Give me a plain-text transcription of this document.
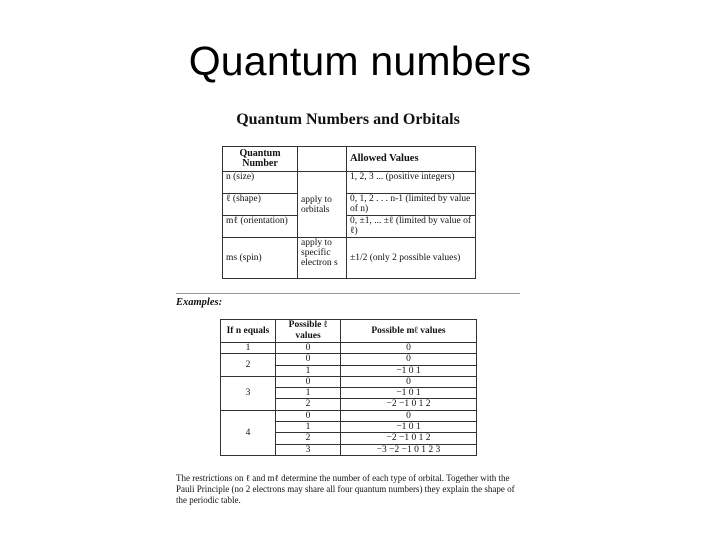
Quantum numbers
Quantum Numbers and Orbitals
Quantum Number		Allowed Values
n (size)	apply to orbitals	1, 2, 3 ... (positive integers)
ℓ (shape)		0, 1, 2 . . . n-1 (limited by value of n)
mℓ (orientation)		0, ±1, ... ±ℓ (limited by value of ℓ)
ms (spin)	apply to specific electron s	±1/2 (only 2 possible values)
Examples:
If n equals	Possible ℓ values	Possible mℓ values
1	0	0
2	0	0
	1	−1 0 1
3	0	0
	1	−1 0 1
	2	−2 −1 0 1 2
4	0	0
	1	−1 0 1
	2	−2 −1 0 1 2
	3	−3 −2 −1 0 1 2 3
The restrictions on ℓ and mℓ determine the number of each type of orbital. Together with the Pauli Principle (no 2 electrons may share all four quantum numbers) they explain the shape of the periodic table.
